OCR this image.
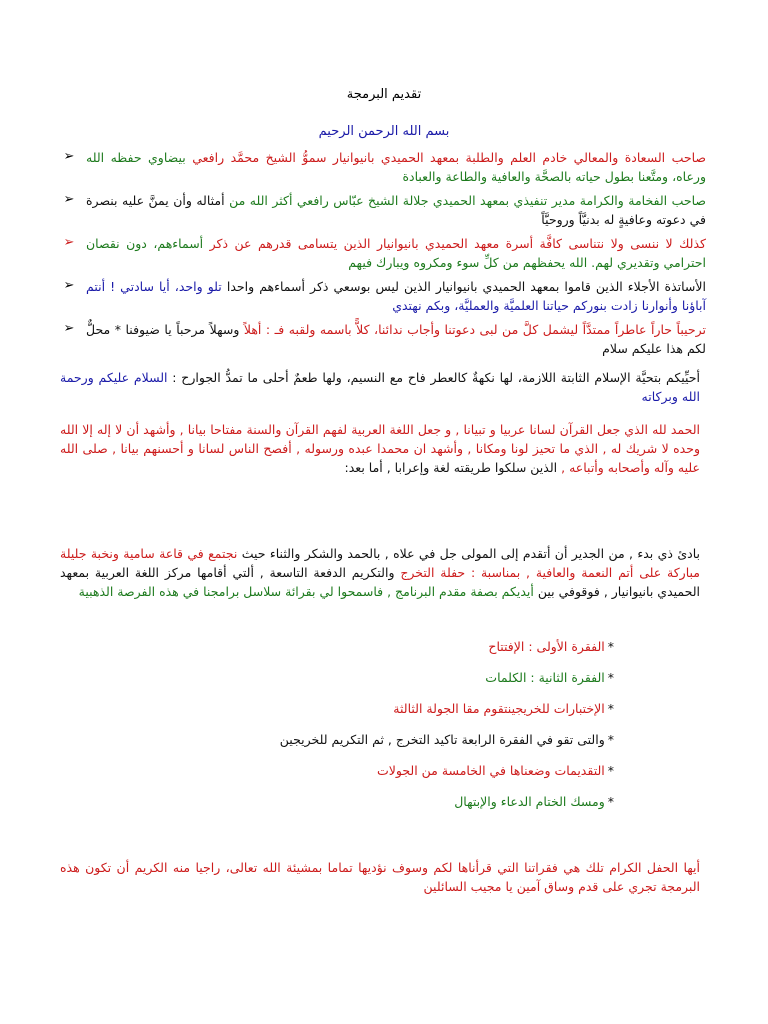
تقديم البرمجة
بسم الله الرحمن الرحيم
➢	صاحب السعادة والمعالي خادم العلم والطلبة بمعهد الحميدي بانيوانيار سموُّ الشيخ محمَّد رافعي بيضاوي حفظه الله ورعاه، ومتَّعنا بطول حياته بالصحَّة والعافية والطاعة والعبادة
➢	صاحب الفخامة والكرامة مدير تنفيذي بمعهد الحميدي جلالة الشيخ عبّاس رافعي أكثر الله من أمثاله وأن يمنَّ عليه بنصرة في دعوته وعافيةٍ له بدنيَّاً وروحيَّاً
➢	كذلك لا ننسى ولا نتناسى كافَّة أسرة معهد الحميدي بانيوانيار الذين يتسامى قدرهم عن ذكر أسماءهم، دون نقصان احترامي وتقديري لهم. الله يحفظهم من كلِّ سوء ومكروه ويبارك فيهم
➢	الأساتذة الأجلاء الذين قاموا بمعهد الحميدي بانيوانيار الذين ليس بوسعي ذكر أسماءهم واحدا تلو واحد، أيا سادتي ! أنتم آباؤنا وأنوارنا زادت بنوركم حياتنا العلميَّة والعمليَّة، وبكم نهتدي
➢	ترحيباً حاراً عاطراً ممتدَّاً ليشمل كلَّ من لبى دعوتنا وأجاب ندائنا، كلاًّ باسمه ولقبه فـ : أهلاً وسهلاً مرحباً يا ضيوفنا * محلٌّ لكم هذا عليكم سلام
أحيِّيكم بتحيَّة الإسلام الثابتة اللازمة، لها نكهةٌ كالعطر فاح مع النسيم، ولها طعمٌ أحلى ما تمدُّ الجوارح : السلام عليكم ورحمة الله وبركاته
الحمد لله الذي جعل القرآن لسانا عربيا و تبيانا , و جعل اللغة العربية لفهم القرآن والسنة مفتاحا بيانا , وأشهد أن لا إله إلا الله وحده لا شريك له , الذي ما تحيز لونا ومكانا , وأشهد ان محمدا عبده ورسوله , أفصح الناس لسانا و أحسنهم بيانا , صلى الله عليه وآله وأصحابه وأتباعه , الذين سلكوا طريقته لغة وإعرابا , أما بعد:
بادئ ذي بدء , من الجدير أن أتقدم إلى المولى جل في علاه , بالحمد والشكر والثناء حيث نجتمع في قاعة سامية ونخبة جليلة مباركة على أتم النعمة والعافية , بمناسبة : حفلة التخرج والتكريم الدفعة التاسعة , ألتي أقامها مركز اللغة العربية بمعهد الحميدي بانيوانيار , فوقوفي بين أيديكم بصفة مقدم البرنامج , فاسمحوا لي بقرائة سلاسل برامجنا في هذه الفرصة الذهبية
*الفقرة الأولى : الإفتتاح
*الفقرة الثانية : الكلمات
*الإختبارات للخريجينتقوم مقا الجولة الثالثة
*والتى تقو في الفقرة الرابعة تاكيد التخرج , ثم التكريم للخريجين
*التقديمات وضعناها في الخامسة من الجولات
*ومسك الختام الدعاء والإبتهال
أيها الحفل الكرام تلك هي فقراتنا التي قرأناها لكم وسوف نؤديها تماما بمشيئة الله تعالى، راجيا منه الكريم أن تكون هذه البرمجة تجري على قدم وساق آمين يا مجيب السائلين
